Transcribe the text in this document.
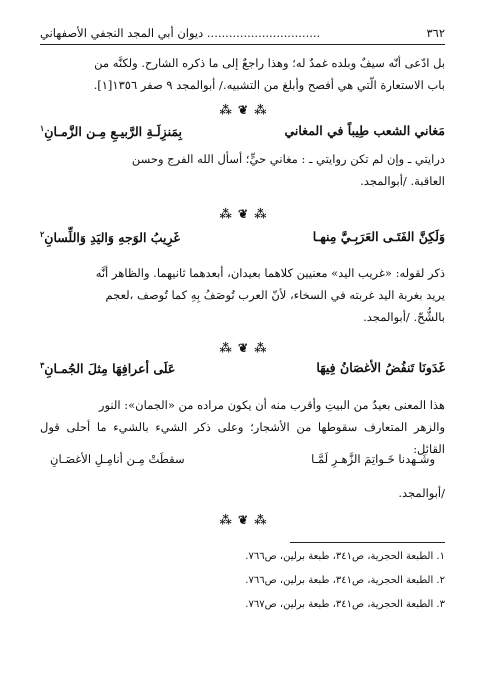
٣٦٢
............................... ديوان أبي المجد النجفي الأصفهاني
بل ادّعى أنّه سيفٌ وبلده غمدٌ له؛ وهذا راجعٌ إلى ما ذكره الشارح. ولكنَّه من
باب الاستعارة الّتي هي أفصح وأبلغ من التشبيه./ أبوالمجد ٩ صفر ١٣٥٦[١].
⁂ ❦ ⁂
مَغاني الشعب طِيباً في المغاني
بِمَنزِلَـةِ الرَّبيـعِ مِـن الزَّمـانِ$^١$
درايتي ـ وإن لم تكن روايتي ـ : مغاني حيٍّ؛ أسأل الله الفرج وحسن
العاقبة. /أبوالمجد.
⁂ ❦ ⁂
وَلَكِنَّ الفَتَـى العَرَبِـيَّ مِنهـا
غَرِيبُ الوَجهِ وَاليَدِ وَاللِّسانِ$^٢$
ذكر لقوله: «غريب اليد» معنيين كلاهما بعيدان، أبعدهما ثانيهما. والظاهر أنَّه
يريد بغربة اليد غربته في السخاء، لأنّ العرب تُوصَفُ بِهِ كما تُوصف ،لعجم
بالشُّحّ. /أبوالمجد.
⁂ ❦ ⁂
غَدَونَا تَنفُضُ الأغصَانُ فِيهَا
عَلَى أعرافِهَا مِثلَ الجُمـانِ$^٣$
هذا المعنى بعيدٌ من البيتِ وأقرب منه أن يكون مراده من «الجمان»: النور
والزهر المتعارف سقوطها من الأشجار؛ وعلى ذكر الشيء بالشيء ما أحلى قول القائل:
وشَـهدنا خَـواتِمَ الزَّهـرِ لَمَّـا
سقطَتْ مِـن أنامِـلِ الأغصَـانِ
/أبوالمجد.
⁂ ❦ ⁂
١. الطبعة الحجرية، ص٣٤١، طبعة برلين، ص٧٦٦.
٢. الطبعة الحجرية، ص٣٤١، طبعة برلين، ص٧٦٦.
٣. الطبعة الحجرية، ص٣٤١، طبعة برلين، ص٧٦٧.
